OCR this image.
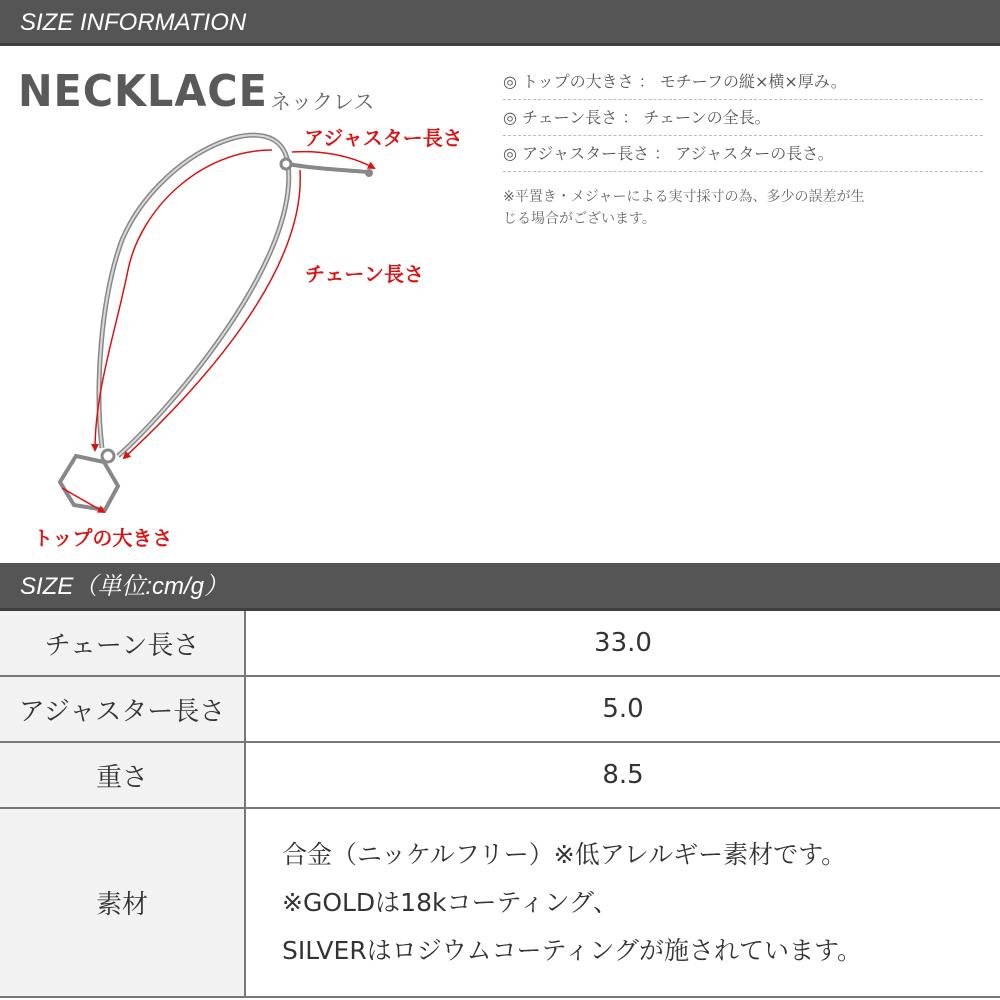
SIZE INFORMATION
NECKLACE ネックレス
◎ トップの大きさ ： モチーフの縦×横×厚み。
◎ チェーン長さ ： チェーンの全長。
◎ アジャスター長さ ： アジャスターの長さ。
※平置き・メジャーによる実寸採寸の為、多少の誤差が生
じる場合がございます。
アジャスター長さ
チェーン長さ
トップの大きさ
SIZE（単位:cm/g）
チェーン長さ	33.0
アジャスター長さ	5.0
重さ	8.5
素材	合金（ニッケルフリー）※低アレルギー素材です。
※GOLDは18kコーティング、
SILVERはロジウムコーティングが施されています。
